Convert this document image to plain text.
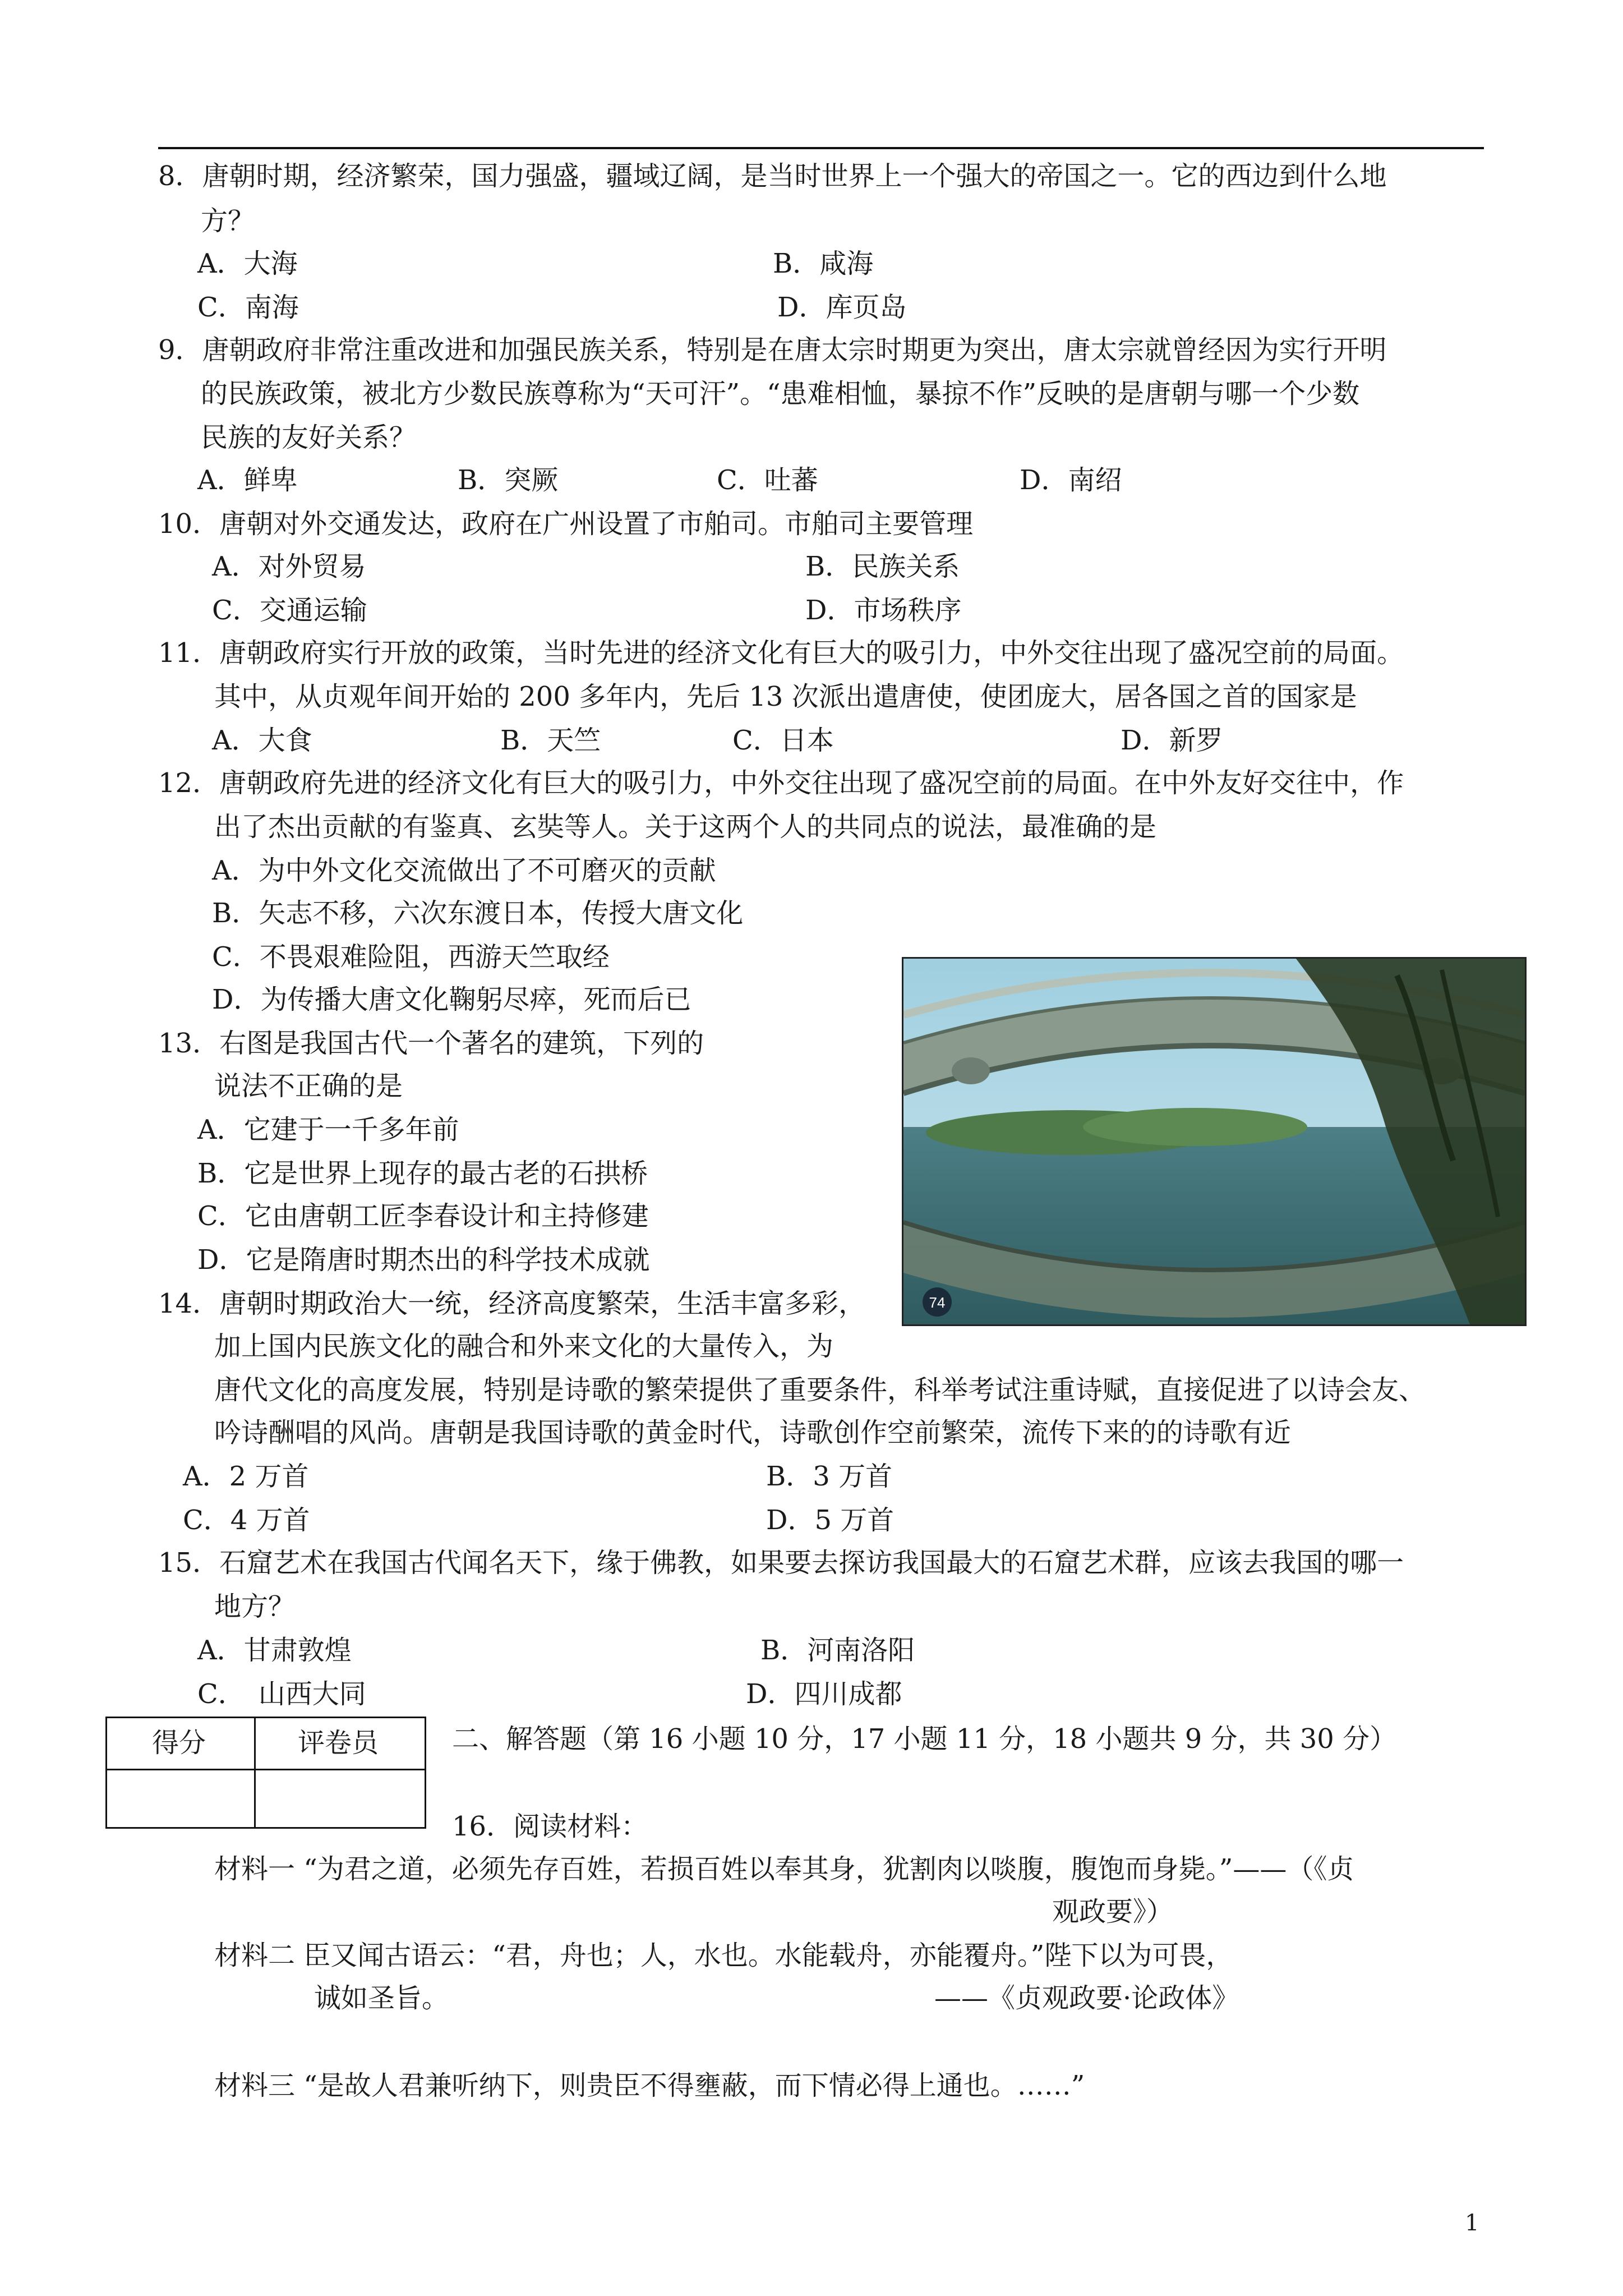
8．唐朝时期，经济繁荣，国力强盛，疆域辽阔，是当时世界上一个强大的帝国之一。它的西边到什么地
方？
A．大海	B．咸海
C．南海	D．库页岛
9．唐朝政府非常注重改进和加强民族关系，特别是在唐太宗时期更为突出，唐太宗就曾经因为实行开明
的民族政策，被北方少数民族尊称为“天可汗”。“患难相恤，暴掠不作”反映的是唐朝与哪一个少数
民族的友好关系？
A．鲜卑	B．突厥	C．吐蕃	D．南绍
10．唐朝对外交通发达，政府在广州设置了市舶司。市舶司主要管理
A．对外贸易	B．民族关系
C．交通运输	D．市场秩序
11．唐朝政府实行开放的政策，当时先进的经济文化有巨大的吸引力，中外交往出现了盛况空前的局面。
其中，从贞观年间开始的 200 多年内，先后 13 次派出遣唐使，使团庞大，居各国之首的国家是
A．大食	B．天竺	C．日本	D．新罗
12．唐朝政府先进的经济文化有巨大的吸引力，中外交往出现了盛况空前的局面。在中外友好交往中，作
出了杰出贡献的有鉴真、玄奘等人。关于这两个人的共同点的说法，最准确的是
A．为中外文化交流做出了不可磨灭的贡献
B．矢志不移，六次东渡日本，传授大唐文化
C．不畏艰难险阻，西游天竺取经
D．为传播大唐文化鞠躬尽瘁，死而后已
74
13．右图是我国古代一个著名的建筑，下列的
说法不正确的是
A．它建于一千多年前
B．它是世界上现存的最古老的石拱桥
C．它由唐朝工匠李春设计和主持修建
D．它是隋唐时期杰出的科学技术成就
14．唐朝时期政治大一统，经济高度繁荣，生活丰富多彩，
加上国内民族文化的融合和外来文化的大量传入，为
唐代文化的高度发展，特别是诗歌的繁荣提供了重要条件，科举考试注重诗赋，直接促进了以诗会友、
吟诗酬唱的风尚。唐朝是我国诗歌的黄金时代，诗歌创作空前繁荣，流传下来的的诗歌有近
A．2 万首	B．3 万首
C．4 万首	D．5 万首
15．石窟艺术在我国古代闻名天下，缘于佛教，如果要去探访我国最大的石窟艺术群，应该去我国的哪一
地方？
A．甘肃敦煌	B．河南洛阳
C．　山西大同	D．四川成都
得分	评卷员	二、解答题（第 16 小题 10 分，17 小题 11 分，18 小题共 9 分，共 30 分）
16．阅读材料：
材料一 “为君之道，必须先存百姓，若损百姓以奉其身，犹割肉以啖腹，腹饱而身毙。”——（《贞
观政要》）
材料二 臣又闻古语云：“君，舟也；人，水也。水能载舟，亦能覆舟。”陛下以为可畏，
诚如圣旨。	——《贞观政要·论政体》
材料三 “是故人君兼听纳下，则贵臣不得壅蔽，而下情必得上通也。……”
1
